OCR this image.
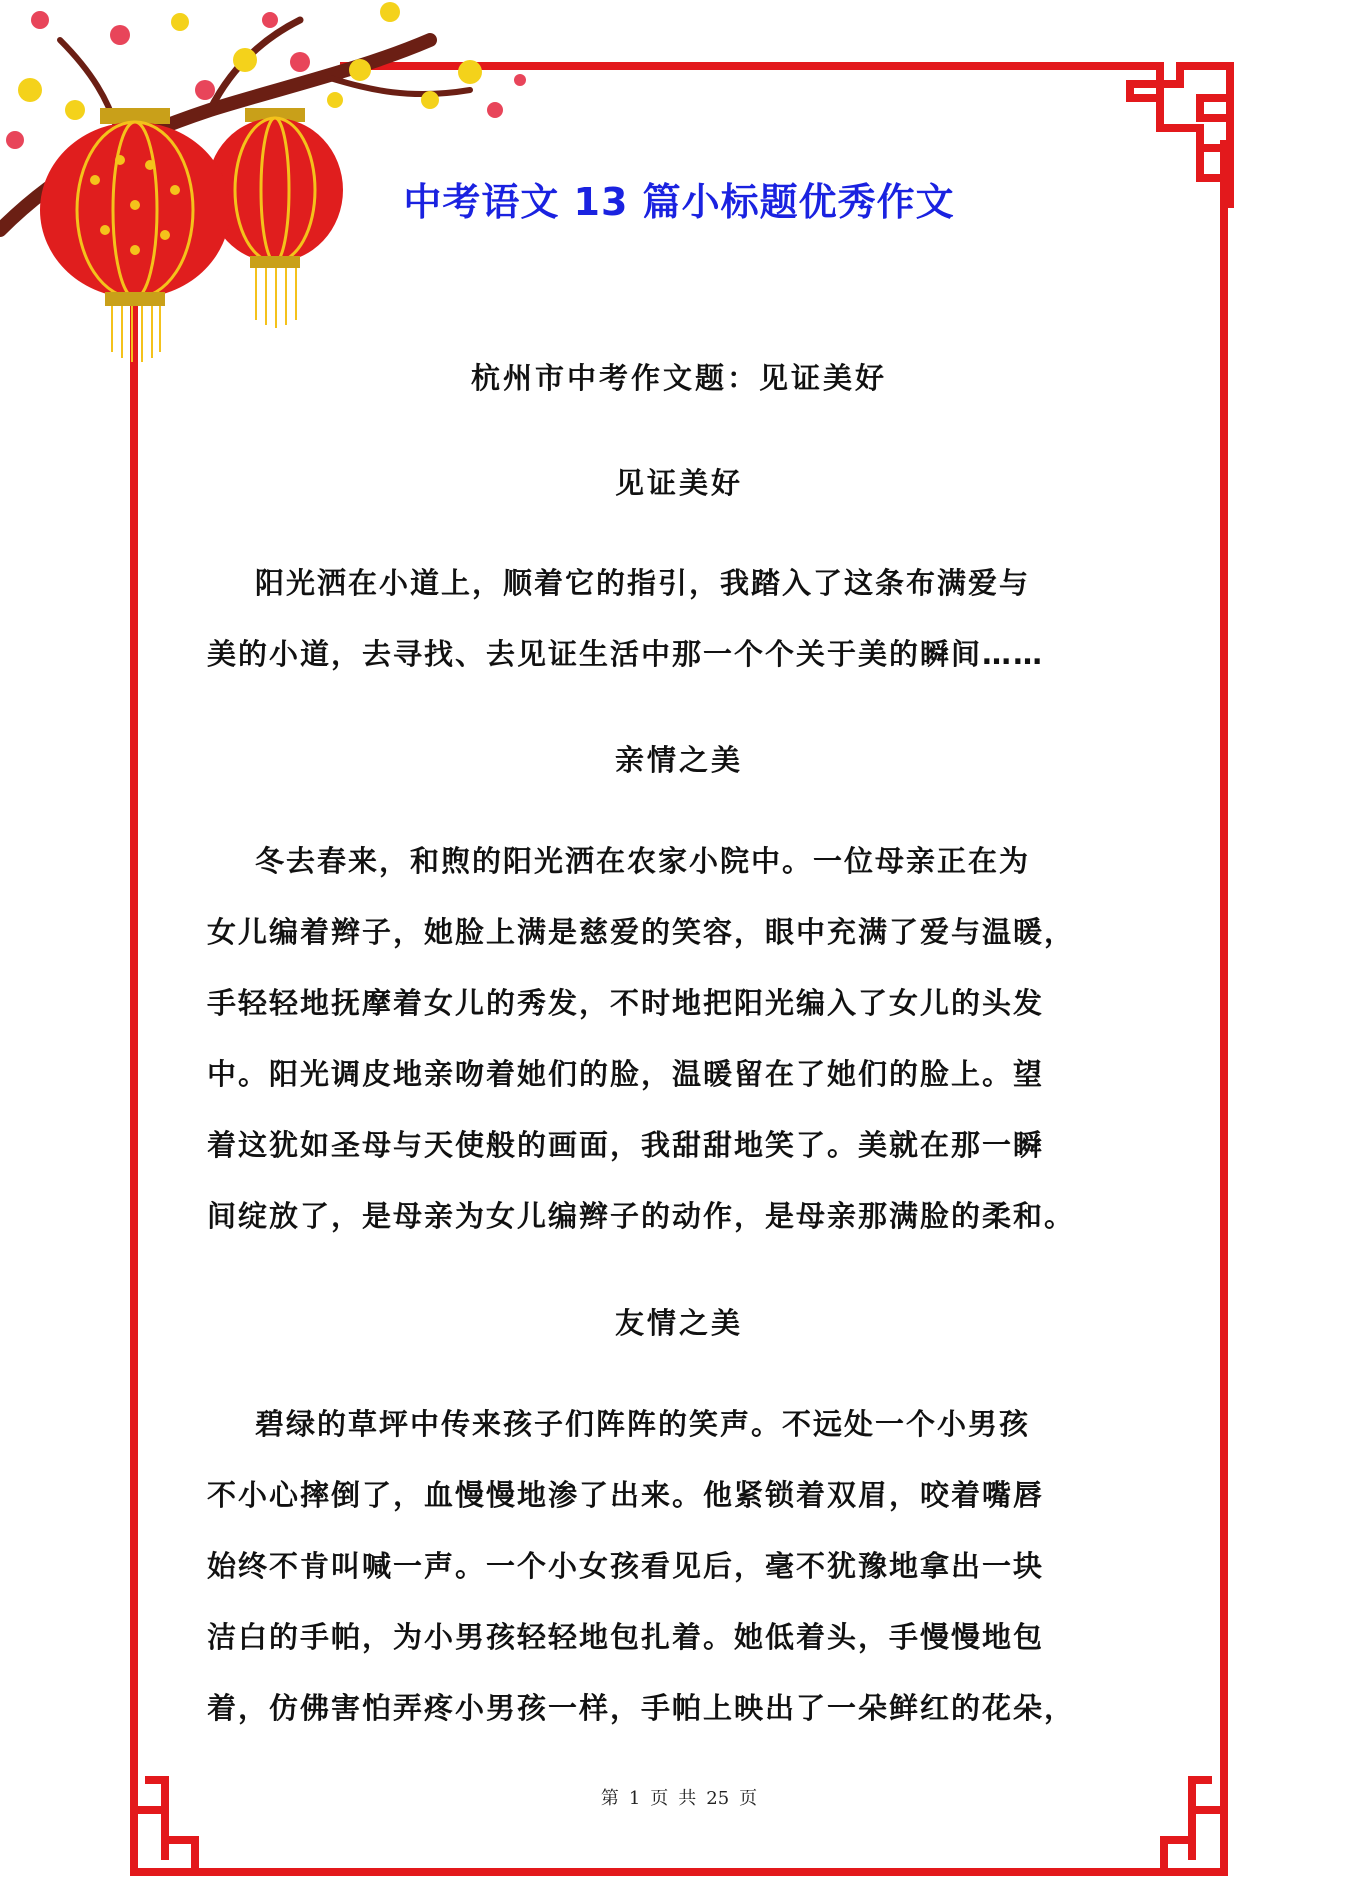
中考语文 13 篇小标题优秀作文
杭州市中考作文题：见证美好
见证美好
阳光洒在小道上，顺着它的指引，我踏入了这条布满爱与
美的小道，去寻找、去见证生活中那一个个关于美的瞬间……
亲情之美
冬去春来，和煦的阳光洒在农家小院中。一位母亲正在为
女儿编着辫子，她脸上满是慈爱的笑容，眼中充满了爱与温暖，
手轻轻地抚摩着女儿的秀发，不时地把阳光编入了女儿的头发
中。阳光调皮地亲吻着她们的脸，温暖留在了她们的脸上。望
着这犹如圣母与天使般的画面，我甜甜地笑了。美就在那一瞬
间绽放了，是母亲为女儿编辫子的动作，是母亲那满脸的柔和。
友情之美
碧绿的草坪中传来孩子们阵阵的笑声。不远处一个小男孩
不小心摔倒了，血慢慢地渗了出来。他紧锁着双眉，咬着嘴唇
始终不肯叫喊一声。一个小女孩看见后，毫不犹豫地拿出一块
洁白的手帕，为小男孩轻轻地包扎着。她低着头，手慢慢地包
着，仿佛害怕弄疼小男孩一样，手帕上映出了一朵鲜红的花朵，
第 1 页 共 25 页
